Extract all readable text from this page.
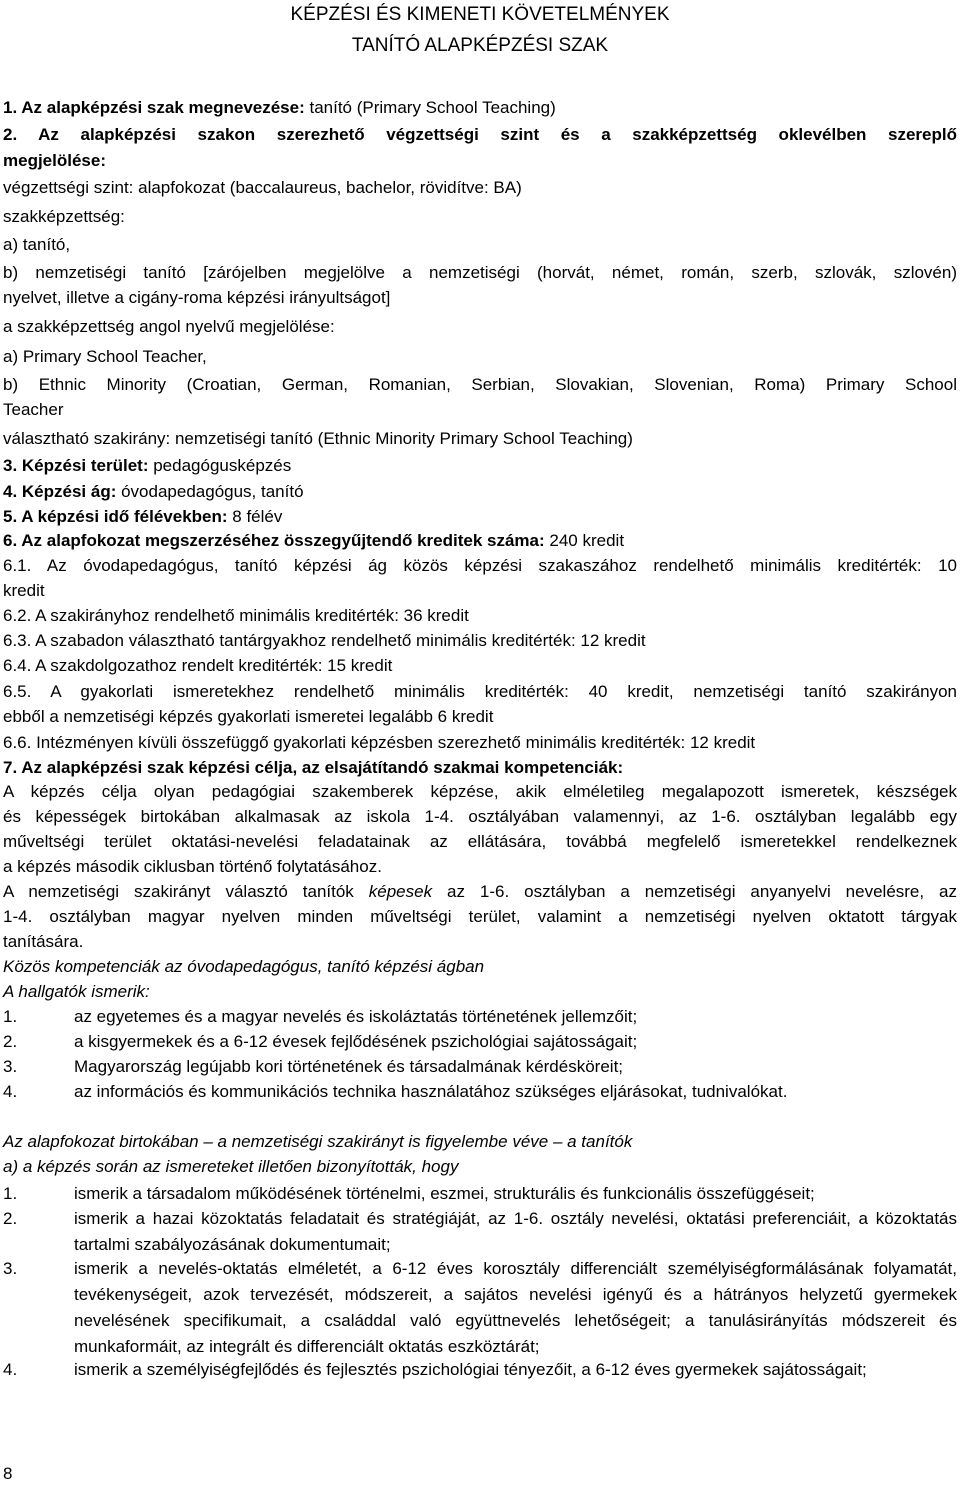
KÉPZÉSI ÉS KIMENETI KÖVETELMÉNYEK
TANÍTÓ ALAPKÉPZÉSI SZAK
1. Az alapképzési szak megnevezése: tanító (Primary School Teaching)
2. Az alapképzési szakon szerezhető végzettségi szint és a szakképzettség oklevélben szereplő
megjelölése:
végzettségi szint: alapfokozat (baccalaureus, bachelor, rövidítve: BA)
szakképzettség:
a) tanító,
b) nemzetiségi tanító [zárójelben megjelölve a nemzetiségi (horvát, német, román, szerb, szlovák, szlovén)
nyelvet, illetve a cigány-roma képzési irányultságot]
a szakképzettség angol nyelvű megjelölése:
a) Primary School Teacher,
b) Ethnic Minority (Croatian, German, Romanian, Serbian, Slovakian, Slovenian, Roma) Primary School
Teacher
választható szakirány: nemzetiségi tanító (Ethnic Minority Primary School Teaching)
3. Képzési terület: pedagógusképzés
4. Képzési ág: óvodapedagógus, tanító
5. A képzési idő félévekben: 8 félév
6. Az alapfokozat megszerzéséhez összegyűjtendő kreditek száma: 240 kredit
6.1. Az óvodapedagógus, tanító képzési ág közös képzési szakaszához rendelhető minimális kreditérték: 10
kredit
6.2. A szakirányhoz rendelhető minimális kreditérték: 36 kredit
6.3. A szabadon választható tantárgyakhoz rendelhető minimális kreditérték: 12 kredit
6.4. A szakdolgozathoz rendelt kreditérték: 15 kredit
6.5. A gyakorlati ismeretekhez rendelhető minimális kreditérték: 40 kredit, nemzetiségi tanító szakirányon
ebből a nemzetiségi képzés gyakorlati ismeretei legalább 6 kredit
6.6. Intézményen kívüli összefüggő gyakorlati képzésben szerezhető minimális kreditérték: 12 kredit
7. Az alapképzési szak képzési célja, az elsajátítandó szakmai kompetenciák:
A képzés célja olyan pedagógiai szakemberek képzése, akik elméletileg megalapozott ismeretek, készségek
és képességek birtokában alkalmasak az iskola 1-4. osztályában valamennyi, az 1-6. osztályban legalább egy
műveltségi terület oktatási-nevelési feladatainak az ellátására, továbbá megfelelő ismeretekkel rendelkeznek
a képzés második ciklusban történő folytatásához.
A nemzetiségi szakirányt választó tanítók képesek az 1-6. osztályban a nemzetiségi anyanyelvi nevelésre, az
1-4. osztályban magyar nyelven minden műveltségi terület, valamint a nemzetiségi nyelven oktatott tárgyak
tanítására.
Közös kompetenciák az óvodapedagógus, tanító képzési ágban
A hallgatók ismerik:
1.	az egyetemes és a magyar nevelés és iskoláztatás történetének jellemzőit;
2.	a kisgyermekek és a 6-12 évesek fejlődésének pszichológiai sajátosságait;
3.	Magyarország legújabb kori történetének és társadalmának kérdésköreit;
4.	az információs és kommunikációs technika használatához szükséges eljárásokat, tudnivalókat.
Az alapfokozat birtokában – a nemzetiségi szakirányt is figyelembe véve – a tanítók
a) a képzés során az ismereteket illetően bizonyították, hogy
1.	ismerik a társadalom működésének történelmi, eszmei, strukturális és funkcionális összefüggéseit;
2.	ismerik a hazai közoktatás feladatait és stratégiáját, az 1-6. osztály nevelési, oktatási preferenciáit, a közoktatás tartalmi szabályozásának dokumentumait;
3.	ismerik a nevelés-oktatás elméletét, a 6-12 éves korosztály differenciált személyiségformálásának folyamatát, tevékenységeit, azok tervezését, módszereit, a sajátos nevelési igényű és a hátrányos helyzetű gyermekek nevelésének specifikumait, a családdal való együttnevelés lehetőségeit; a tanulásirányítás módszereit és munkaformáit, az integrált és differenciált oktatás eszköztárát;
4.	ismerik a személyiségfejlődés és fejlesztés pszichológiai tényezőit, a 6-12 éves gyermekek sajátosságait;
8
